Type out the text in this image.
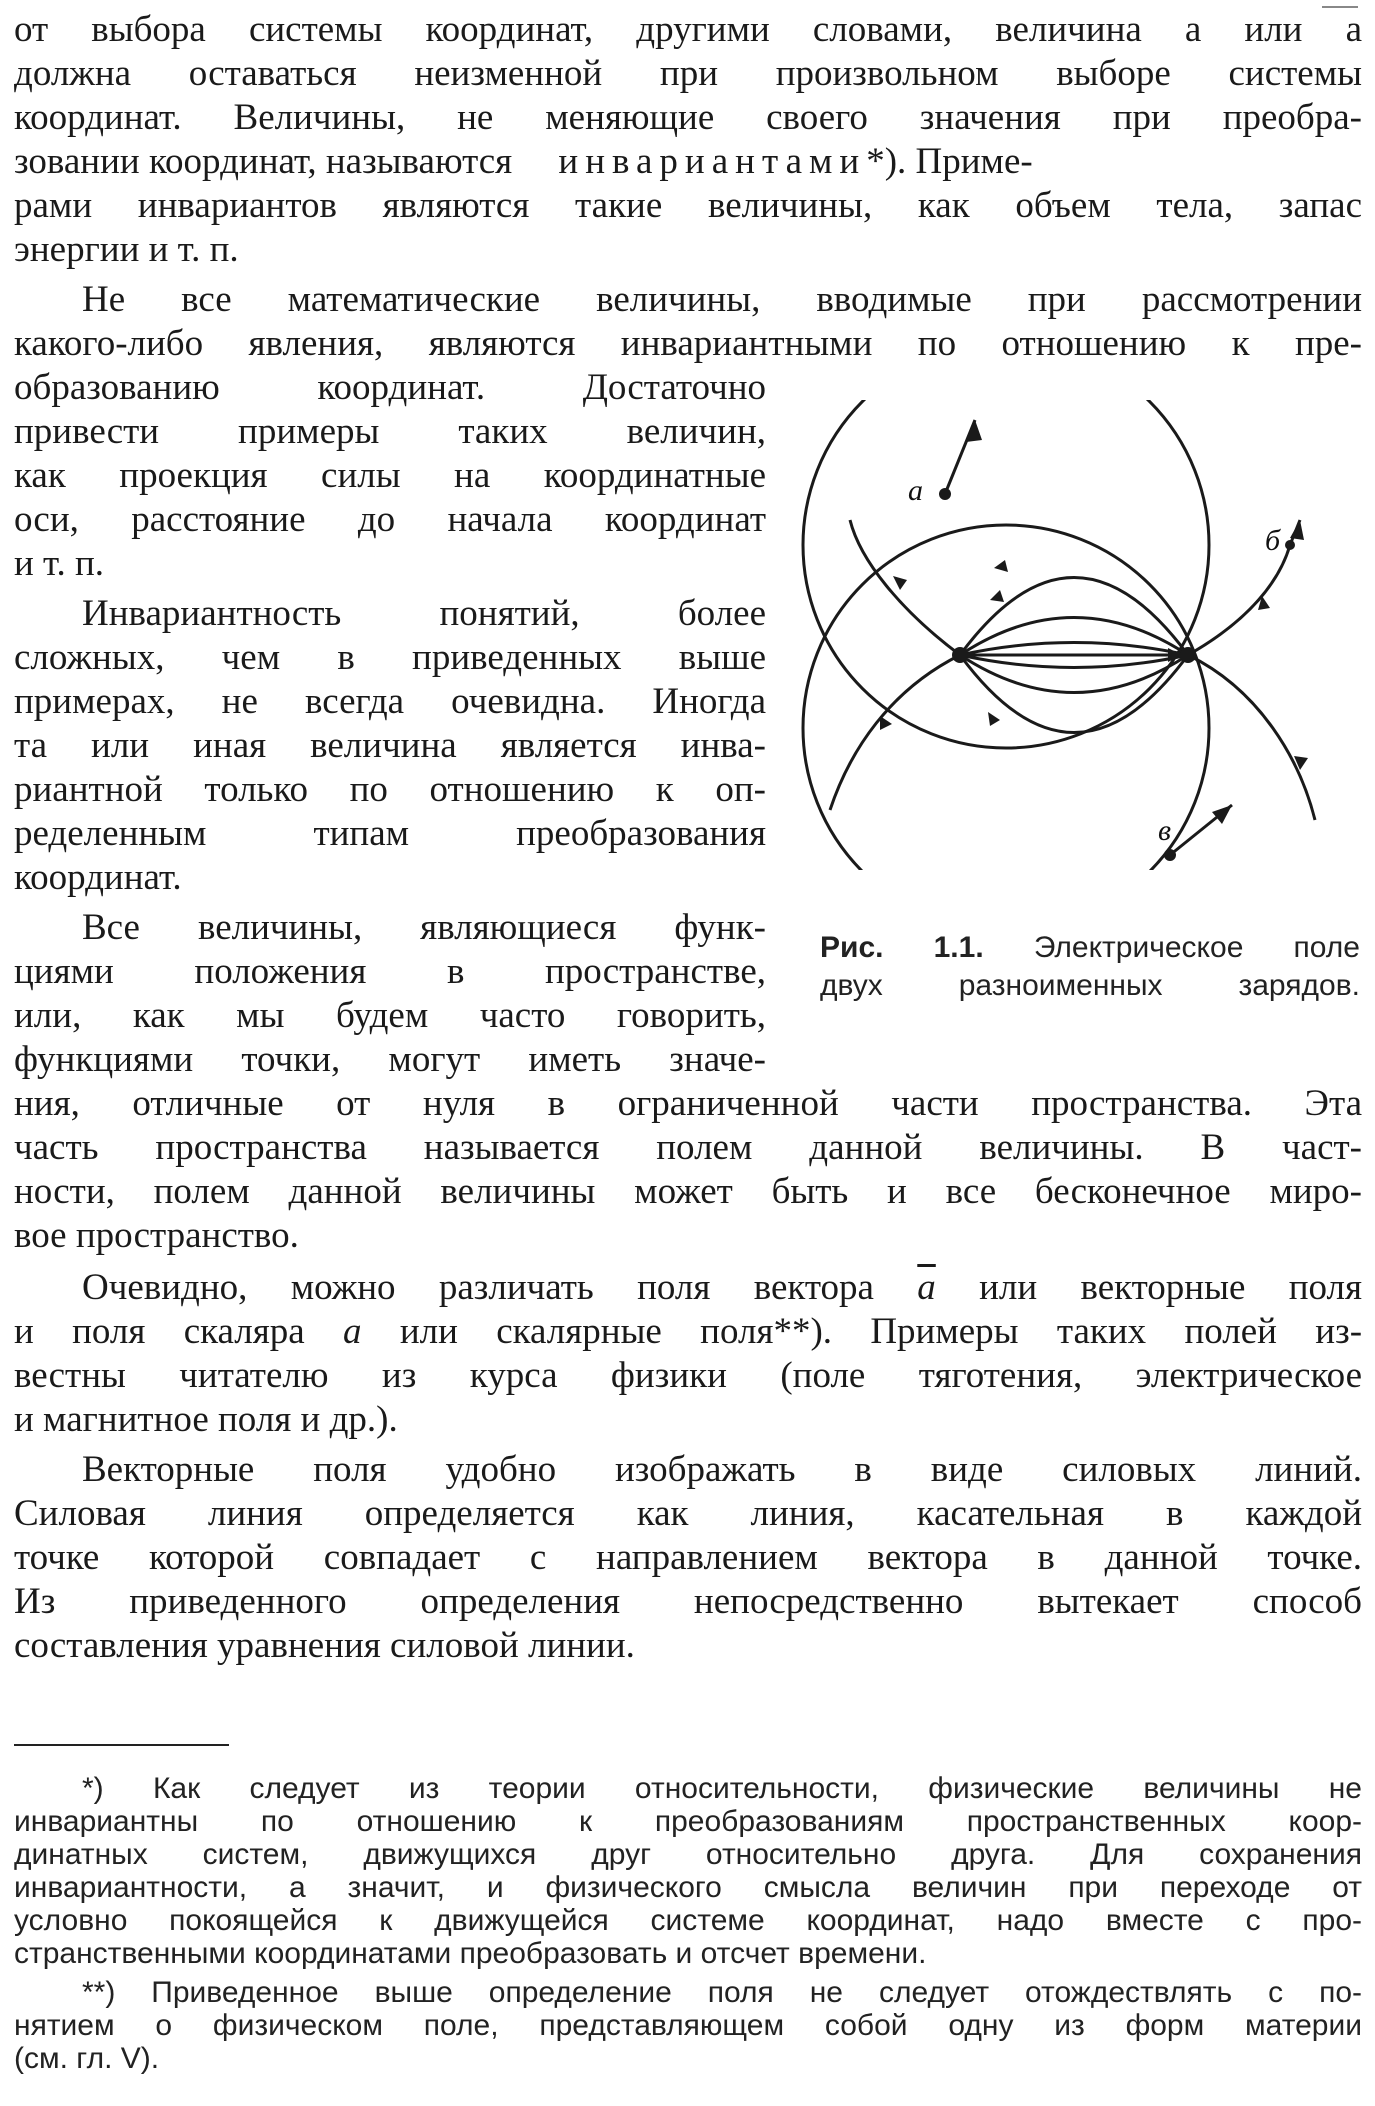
от выбора системы координат, другими словами, величина a или a
должна оставаться неизменной при произвольном выборе системы
координат. Величины, не меняющие своего значения при преобра-
зовании координат, называются инвариантами*). Приме-
рами инвариантов являются такие величины, как объем тела, запас
энергии и т. п.
Не все математические величины, вводимые при рассмотрении
какого-либо явления, являются инвариантными по отношению к пре-
образованию координат. Достаточно
привести примеры таких величин,
как проекция силы на координатные
оси, расстояние до начала координат
и т. п.
Инвариантность понятий, более
сложных, чем в приведенных выше
примерах, не всегда очевидна. Иногда
та или иная величина является инва-
риантной только по отношению к оп-
ределенным типам преобразования
координат.
Все величины, являющиеся функ-
циями положения в пространстве,
или, как мы будем часто говорить,
функциями точки, могут иметь значе-
ния, отличные от нуля в ограниченной части пространства. Эта
часть пространства называется полем данной величины. В част-
ности, полем данной величины может быть и все бесконечное миро-
вое пространство.
Очевидно, можно различать поля вектора $\overline{a}$ или векторные поля
и поля скаляра a или скалярные поля**). Примеры таких полей из-
вестны читателю из курса физики (поле тяготения, электрическое
и магнитное поля и др.).
Векторные поля удобно изображать в виде силовых линий.
Силовая линия определяется как линия, касательная в каждой
точке которой совпадает с направлением вектора в данной точке.
Из приведенного определения непосредственно вытекает способ
составления уравнения силовой линии.
а
б
в
Рис. 1.1. Электрическое поле
двух разноименных зарядов.
*) Как следует из теории относительности, физические величины не
инвариантны по отношению к преобразованиям пространственных коор-
динатных систем, движущихся друг относительно друга. Для сохранения
инвариантности, а значит, и физического смысла величин при переходе от
условно покоящейся к движущейся системе координат, надо вместе с про-
странственными координатами преобразовать и отсчет времени.
**) Приведенное выше определение поля не следует отождествлять с по-
нятием о физическом поле, представляющем собой одну из форм материи
(см. гл. V).
